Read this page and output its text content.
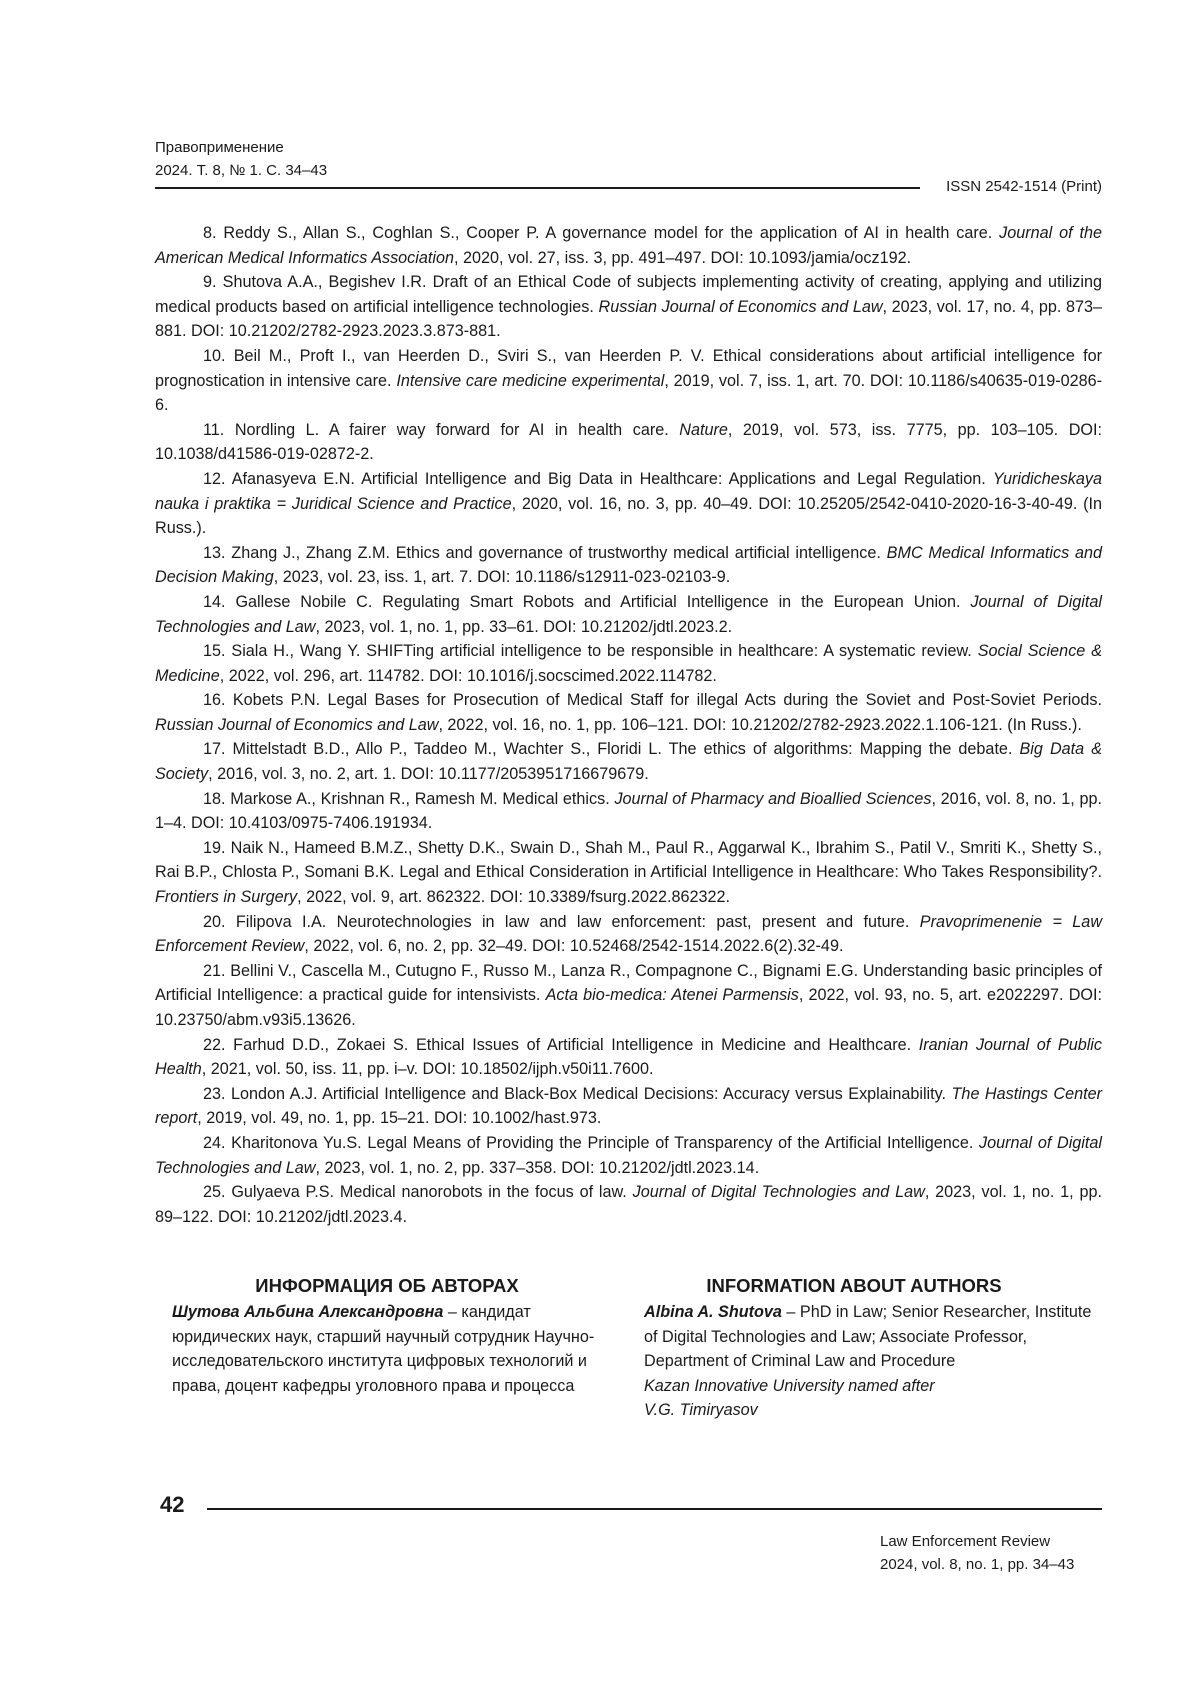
Правоприменение
2024. Т. 8, № 1. С. 34–43
ISSN 2542-1514 (Print)

8. Reddy S., Allan S., Coghlan S., Cooper P. A governance model for the application of AI in health care. Journal of the American Medical Informatics Association, 2020, vol. 27, iss. 3, pp. 491–497. DOI: 10.1093/jamia/ocz192.

9. Shutova A.A., Begishev I.R. Draft of an Ethical Code of subjects implementing activity of creating, applying and utilizing medical products based on artificial intelligence technologies. Russian Journal of Economics and Law, 2023, vol. 17, no. 4, pp. 873–881. DOI: 10.21202/2782-2923.2023.3.873-881.

10. Beil M., Proft I., van Heerden D., Sviri S., van Heerden P. V. Ethical considerations about artificial intelligence for prognostication in intensive care. Intensive care medicine experimental, 2019, vol. 7, iss. 1, art. 70. DOI: 10.1186/s40635-019-0286-6.

11. Nordling L. A fairer way forward for AI in health care. Nature, 2019, vol. 573, iss. 7775, pp. 103–105. DOI: 10.1038/d41586-019-02872-2.

12. Afanasyeva E.N. Artificial Intelligence and Big Data in Healthcare: Applications and Legal Regulation. Yuridicheskaya nauka i praktika = Juridical Science and Practice, 2020, vol. 16, no. 3, pp. 40–49. DOI: 10.25205/2542-0410-2020-16-3-40-49. (In Russ.).

13. Zhang J., Zhang Z.M. Ethics and governance of trustworthy medical artificial intelligence. BMC Medical Informatics and Decision Making, 2023, vol. 23, iss. 1, art. 7. DOI: 10.1186/s12911-023-02103-9.

14. Gallese Nobile C. Regulating Smart Robots and Artificial Intelligence in the European Union. Journal of Digital Technologies and Law, 2023, vol. 1, no. 1, pp. 33–61. DOI: 10.21202/jdtl.2023.2.

15. Siala H., Wang Y. SHIFTing artificial intelligence to be responsible in healthcare: A systematic review. Social Science & Medicine, 2022, vol. 296, art. 114782. DOI: 10.1016/j.socscimed.2022.114782.

16. Kobets P.N. Legal Bases for Prosecution of Medical Staff for illegal Acts during the Soviet and Post-Soviet Periods. Russian Journal of Economics and Law, 2022, vol. 16, no. 1, pp. 106–121. DOI: 10.21202/2782-2923.2022.1.106-121. (In Russ.).

17. Mittelstadt B.D., Allo P., Taddeo M., Wachter S., Floridi L. The ethics of algorithms: Mapping the debate. Big Data & Society, 2016, vol. 3, no. 2, art. 1. DOI: 10.1177/2053951716679679.

18. Markose A., Krishnan R., Ramesh M. Medical ethics. Journal of Pharmacy and Bioallied Sciences, 2016, vol. 8, no. 1, pp. 1–4. DOI: 10.4103/0975-7406.191934.

19. Naik N., Hameed B.M.Z., Shetty D.K., Swain D., Shah M., Paul R., Aggarwal K., Ibrahim S., Patil V., Smriti K., Shetty S., Rai B.P., Chlosta P., Somani B.K. Legal and Ethical Consideration in Artificial Intelligence in Healthcare: Who Takes Responsibility?. Frontiers in Surgery, 2022, vol. 9, art. 862322. DOI: 10.3389/fsurg.2022.862322.

20. Filipova I.A. Neurotechnologies in law and law enforcement: past, present and future. Pravoprimenenie = Law Enforcement Review, 2022, vol. 6, no. 2, pp. 32–49. DOI: 10.52468/2542-1514.2022.6(2).32-49.

21. Bellini V., Cascella M., Cutugno F., Russo M., Lanza R., Compagnone C., Bignami E.G. Understanding basic principles of Artificial Intelligence: a practical guide for intensivists. Acta bio-medica: Atenei Parmensis, 2022, vol. 93, no. 5, art. e2022297. DOI: 10.23750/abm.v93i5.13626.

22. Farhud D.D., Zokaei S. Ethical Issues of Artificial Intelligence in Medicine and Healthcare. Iranian Journal of Public Health, 2021, vol. 50, iss. 11, pp. i–v. DOI: 10.18502/ijph.v50i11.7600.

23. London A.J. Artificial Intelligence and Black-Box Medical Decisions: Accuracy versus Explainability. The Hastings Center report, 2019, vol. 49, no. 1, pp. 15–21. DOI: 10.1002/hast.973.

24. Kharitonova Yu.S. Legal Means of Providing the Principle of Transparency of the Artificial Intelligence. Journal of Digital Technologies and Law, 2023, vol. 1, no. 2, pp. 337–358. DOI: 10.21202/jdtl.2023.14.

25. Gulyaeva P.S. Medical nanorobots in the focus of law. Journal of Digital Technologies and Law, 2023, vol. 1, no. 1, pp. 89–122. DOI: 10.21202/jdtl.2023.4.

ИНФОРМАЦИЯ ОБ АВТОРАХ

Шутова Альбина Александровна – кандидат юридических наук, старший научный сотрудник Научно-исследовательского института цифровых технологий и права, доцент кафедры уголовного права и процесса

INFORMATION ABOUT AUTHORS

Albina A. Shutova – PhD in Law; Senior Researcher, Institute of Digital Technologies and Law; Associate Professor, Department of Criminal Law and Procedure

Kazan Innovative University named after

V.G. Timiryasov

42
Law Enforcement Review
2024, vol. 8, no. 1, pp. 34–43
